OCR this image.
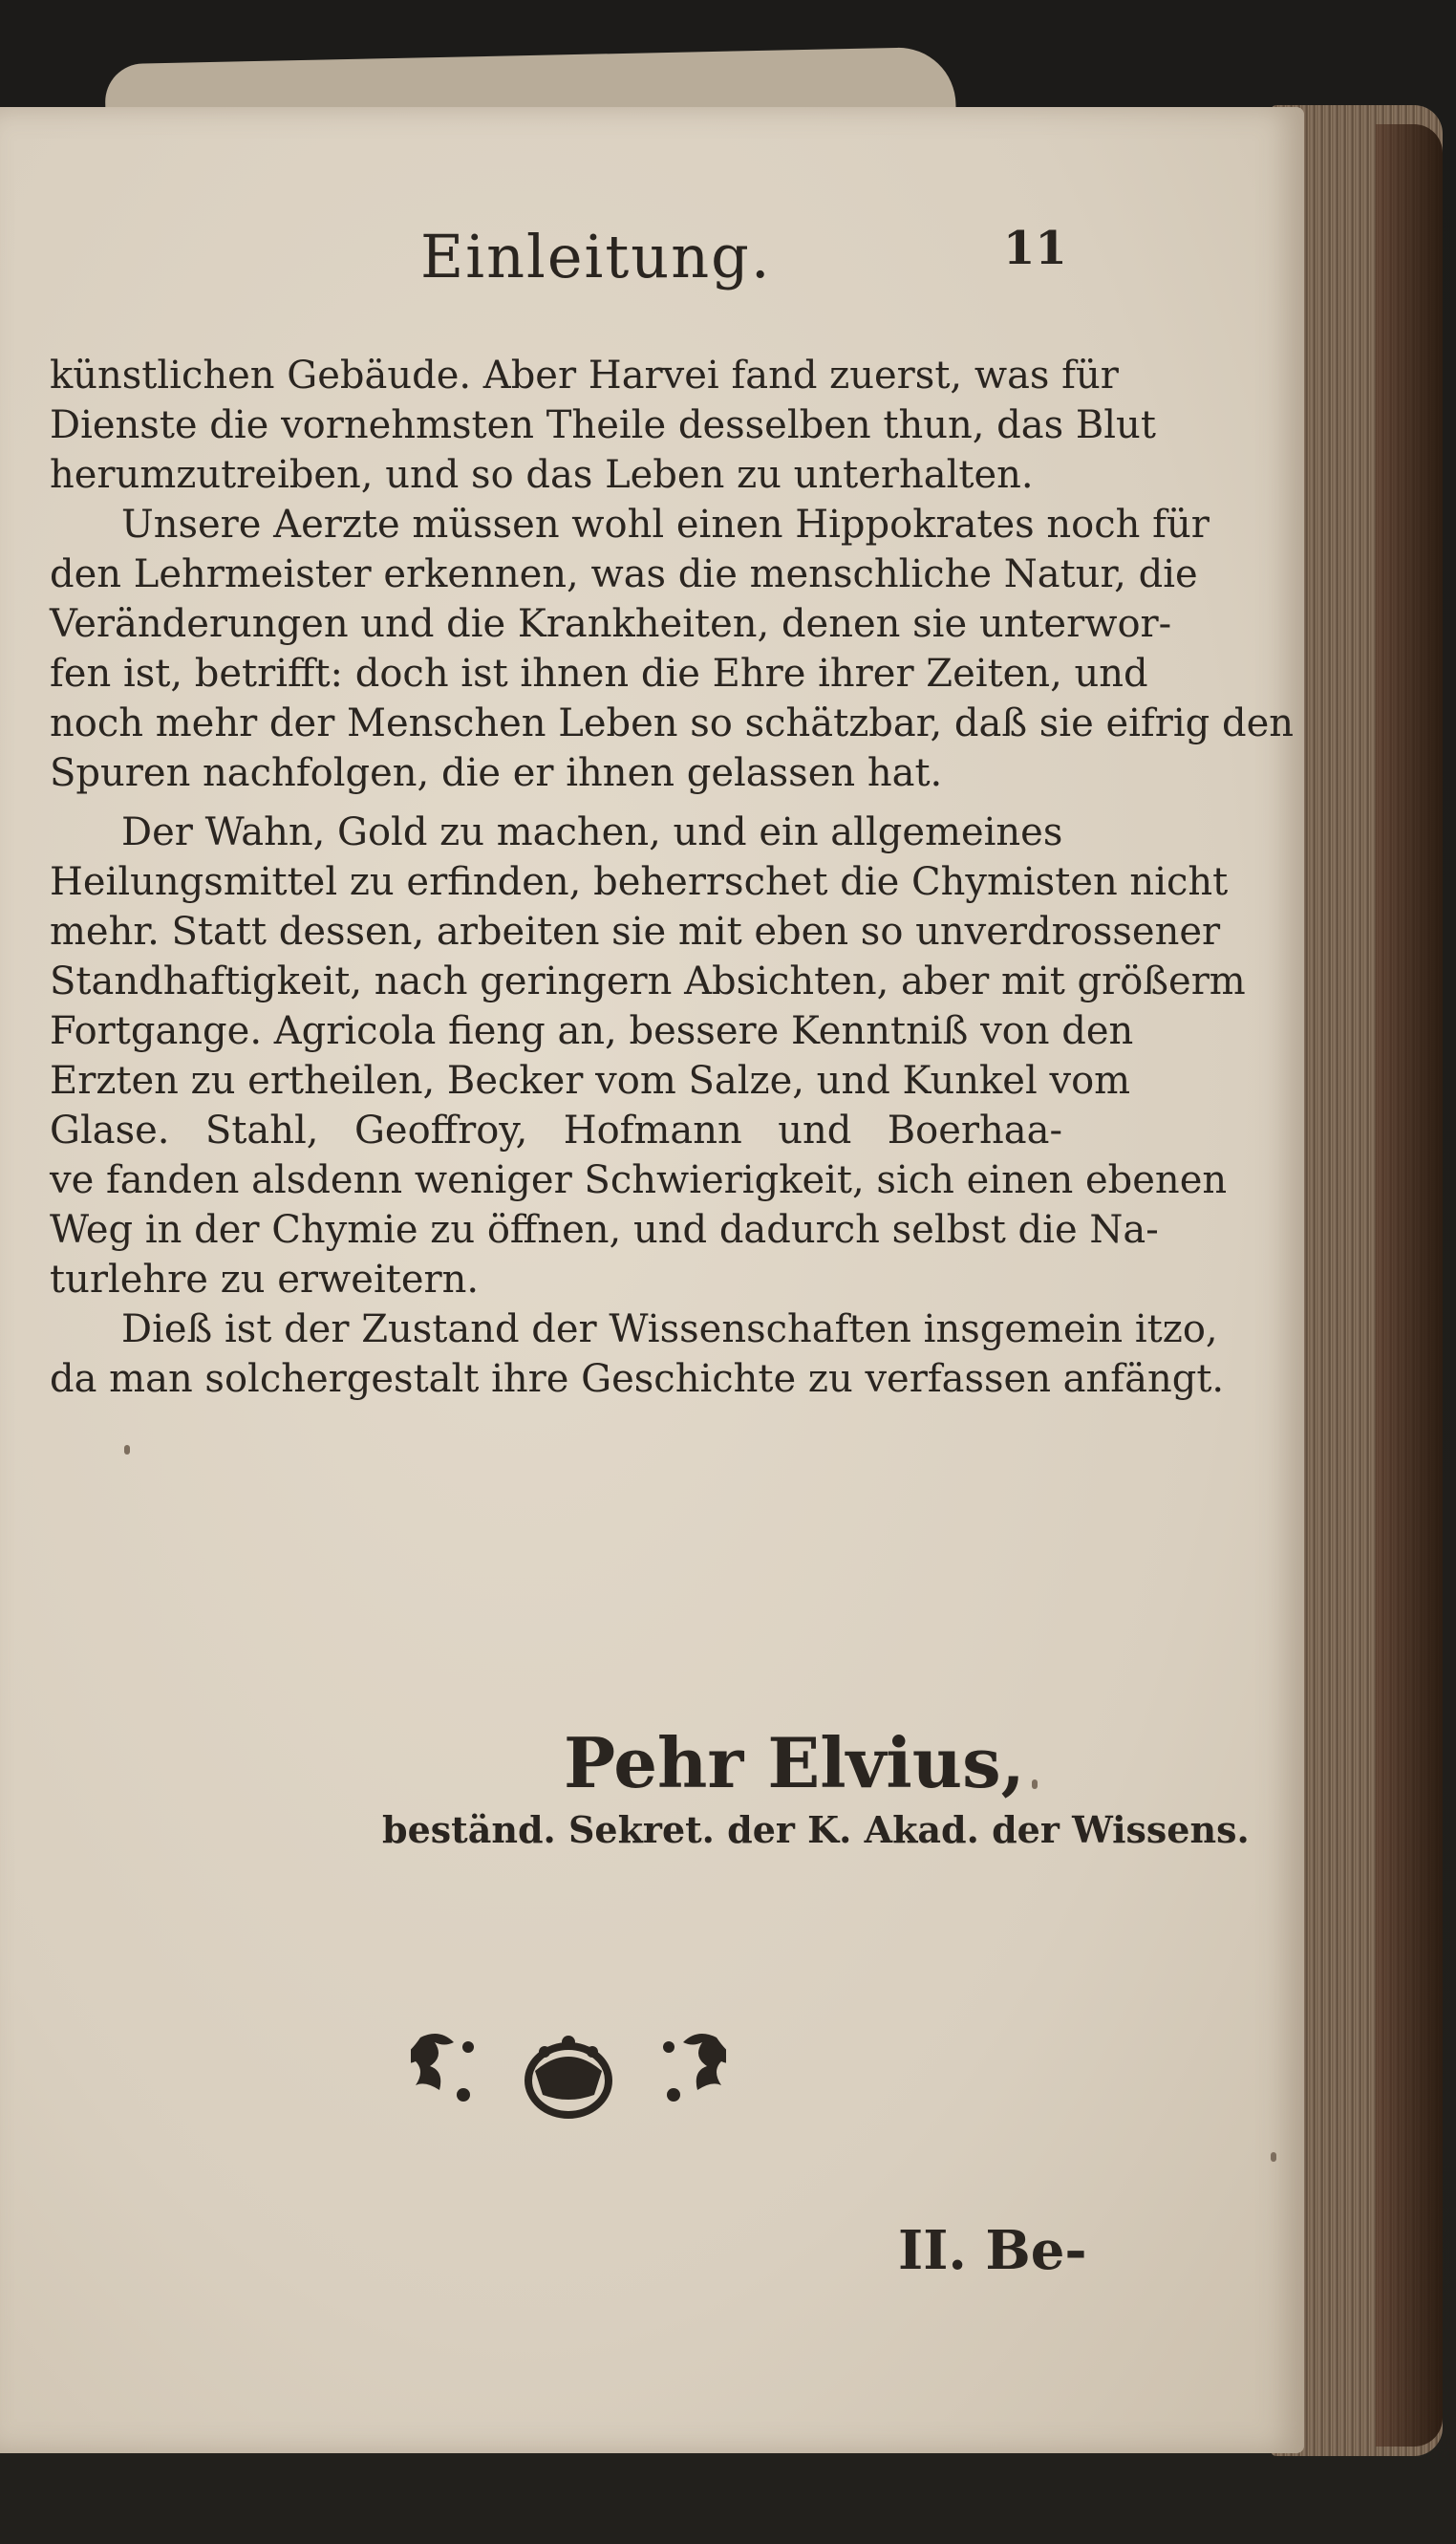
Einleitung.	11
künstlichen Gebäude. Aber Harvei fand zuerst, was für
Dienste die vornehmsten Theile desselben thun, das Blut
herumzutreiben, und so das Leben zu unterhalten.
Unsere Aerzte müssen wohl einen Hippokrates noch für
den Lehrmeister erkennen, was die menschliche Natur, die
Veränderungen und die Krankheiten, denen sie unterwor-
fen ist, betrifft: doch ist ihnen die Ehre ihrer Zeiten, und
noch mehr der Menschen Leben so schätzbar, daß sie eifrig den
Spuren nachfolgen, die er ihnen gelassen hat.
Der Wahn, Gold zu machen, und ein allgemeines
Heilungsmittel zu erfinden, beherrschet die Chymisten nicht
mehr. Statt dessen, arbeiten sie mit eben so unverdrossener
Standhaftigkeit, nach geringern Absichten, aber mit größerm
Fortgange. Agricola fieng an, bessere Kenntniß von den
Erzten zu ertheilen, Becker vom Salze, und Kunkel vom
Glase. Stahl, Geoffroy, Hofmann und Boerhaa-
ve fanden alsdenn weniger Schwierigkeit, sich einen ebenen
Weg in der Chymie zu öffnen, und dadurch selbst die Na-
turlehre zu erweitern.
Dieß ist der Zustand der Wissenschaften insgemein itzo,
da man solchergestalt ihre Geschichte zu verfassen anfängt.
Pehr Elvius,
beständ. Sekret. der K. Akad. der Wissens.
II. Be-
